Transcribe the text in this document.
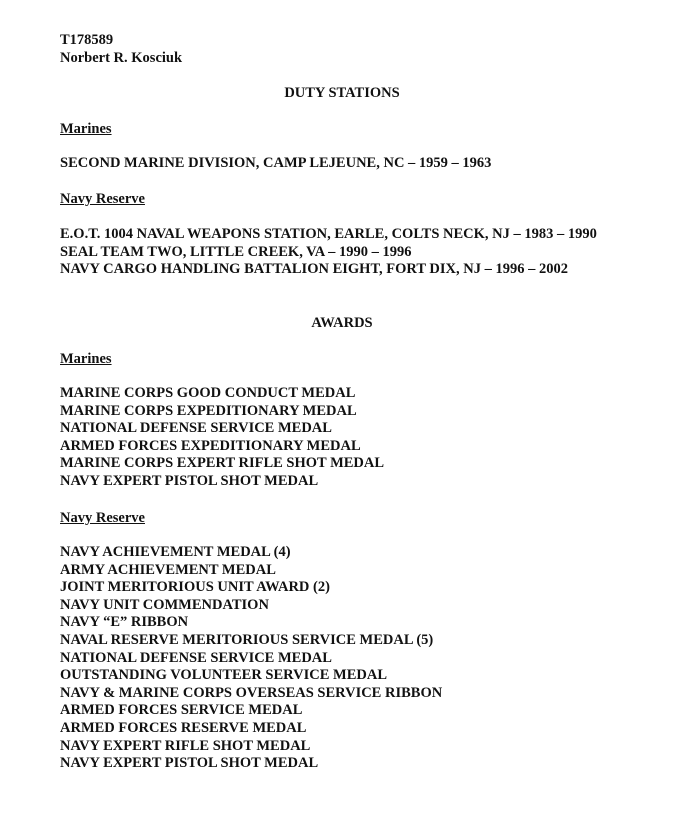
T178589
Norbert R. Kosciuk
DUTY STATIONS
Marines
SECOND MARINE DIVISION, CAMP LEJEUNE, NC – 1959 – 1963
Navy Reserve
E.O.T. 1004 NAVAL WEAPONS STATION, EARLE, COLTS NECK, NJ – 1983 – 1990
SEAL TEAM TWO, LITTLE CREEK, VA – 1990 – 1996
NAVY CARGO HANDLING BATTALION EIGHT, FORT DIX, NJ – 1996 – 2002
AWARDS
Marines
MARINE CORPS GOOD CONDUCT MEDAL
MARINE CORPS EXPEDITIONARY MEDAL
NATIONAL DEFENSE SERVICE MEDAL
ARMED FORCES EXPEDITIONARY MEDAL
MARINE CORPS EXPERT RIFLE SHOT MEDAL
NAVY EXPERT PISTOL SHOT MEDAL
Navy Reserve
NAVY ACHIEVEMENT MEDAL (4)
ARMY ACHIEVEMENT MEDAL
JOINT MERITORIOUS UNIT AWARD (2)
NAVY UNIT COMMENDATION
NAVY “E” RIBBON
NAVAL RESERVE MERITORIOUS SERVICE MEDAL (5)
NATIONAL DEFENSE SERVICE MEDAL
OUTSTANDING VOLUNTEER SERVICE MEDAL
NAVY & MARINE CORPS OVERSEAS SERVICE RIBBON
ARMED FORCES SERVICE MEDAL
ARMED FORCES RESERVE MEDAL
NAVY EXPERT RIFLE SHOT MEDAL
NAVY EXPERT PISTOL SHOT MEDAL
